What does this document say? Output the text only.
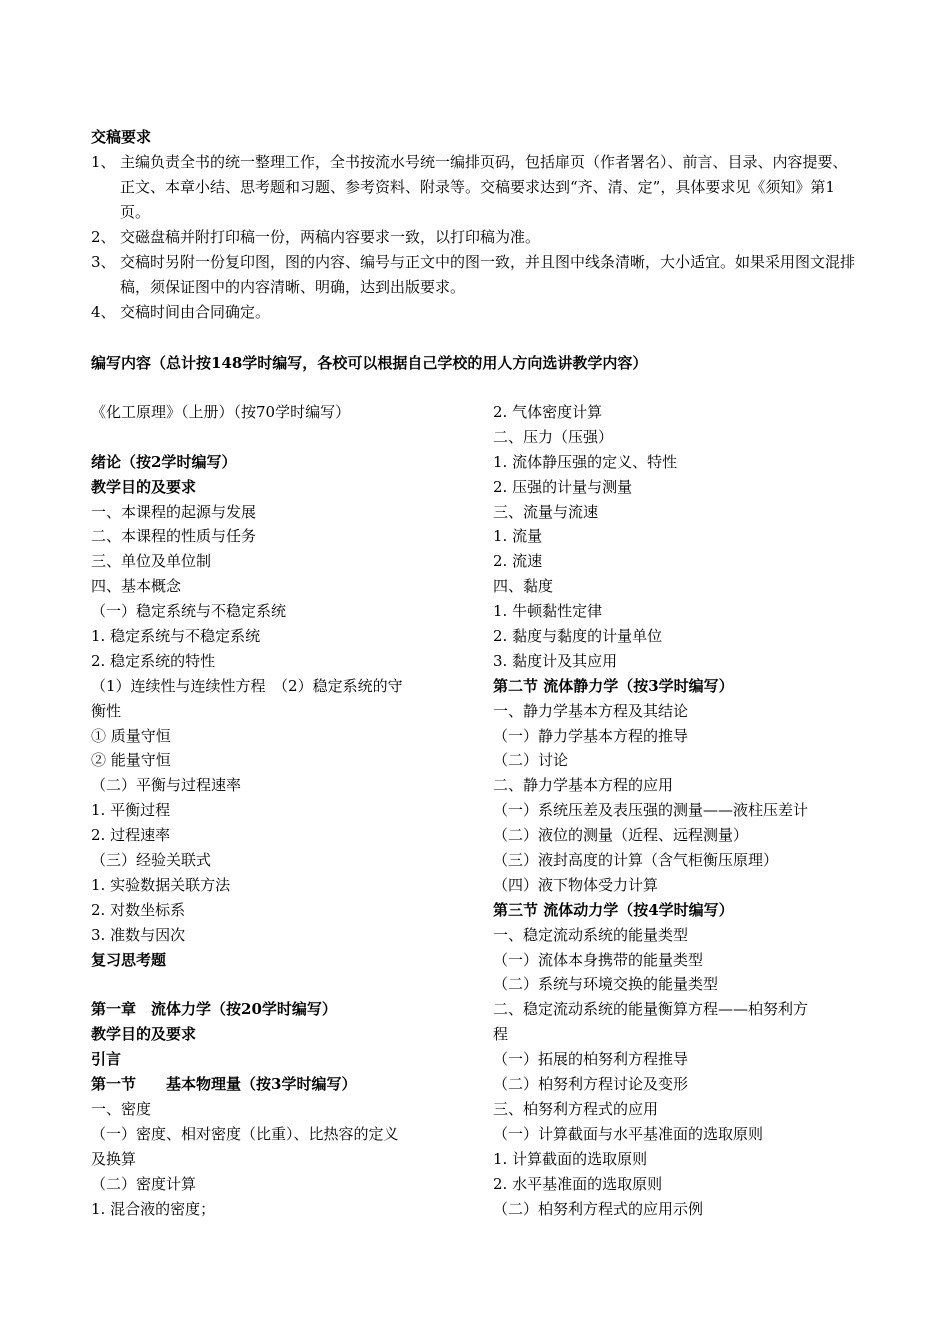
交稿要求
1、 主编负责全书的统一整理工作，全书按流水号统一编排页码，包括扉页（作者署名）、前言、目录、内容提要、正文、本章小结、思考题和习题、参考资料、附录等。交稿要求达到“齐、清、定”，具体要求见《须知》第1页。
2、 交磁盘稿并附打印稿一份，两稿内容要求一致，以打印稿为准。
3、 交稿时另附一份复印图，图的内容、编号与正文中的图一致，并且图中线条清晰，大小适宜。如果采用图文混排稿，须保证图中的内容清晰、明确，达到出版要求。
4、 交稿时间由合同确定。
编写内容（总计按148学时编写，各校可以根据自己学校的用人方向选讲教学内容）
《化工原理》（上册）（按70学时编写）
绪论（按2学时编写）
教学目的及要求
一、本课程的起源与发展
二、本课程的性质与任务
三、单位及单位制
四、基本概念
（一）稳定系统与不稳定系统
1. 稳定系统与不稳定系统
2. 稳定系统的特性
（1）连续性与连续性方程　（2）稳定系统的守
衡性
① 质量守恒
② 能量守恒
（二）平衡与过程速率
1. 平衡过程
2. 过程速率
（三）经验关联式
1. 实验数据关联方法
2. 对数坐标系
3. 准数与因次
复习思考题
第一章　流体力学（按20学时编写）
教学目的及要求
引言
第一节　　基本物理量（按3学时编写）
一、密度
（一）密度、相对密度（比重）、比热容的定义
及换算
（二）密度计算
1. 混合液的密度；
2. 气体密度计算
二、压力（压强）
1. 流体静压强的定义、特性
2. 压强的计量与测量
三、流量与流速
1. 流量
2. 流速
四、黏度
1. 牛顿黏性定律
2. 黏度与黏度的计量单位
3. 黏度计及其应用
第二节 流体静力学（按3学时编写）
一、静力学基本方程及其结论
（一）静力学基本方程的推导
（二）讨论
二、静力学基本方程的应用
（一）系统压差及表压强的测量——液柱压差计
（二）液位的测量（近程、远程测量）
（三）液封高度的计算（含气柜衡压原理）
（四）液下物体受力计算
第三节 流体动力学（按4学时编写）
一、稳定流动系统的能量类型
（一）流体本身携带的能量类型
（二）系统与环境交换的能量类型
二、稳定流动系统的能量衡算方程——柏努利方
程
（一）拓展的柏努利方程推导
（二）柏努利方程讨论及变形
三、柏努利方程式的应用
（一）计算截面与水平基准面的选取原则
1. 计算截面的选取原则
2. 水平基准面的选取原则
（二）柏努利方程式的应用示例
